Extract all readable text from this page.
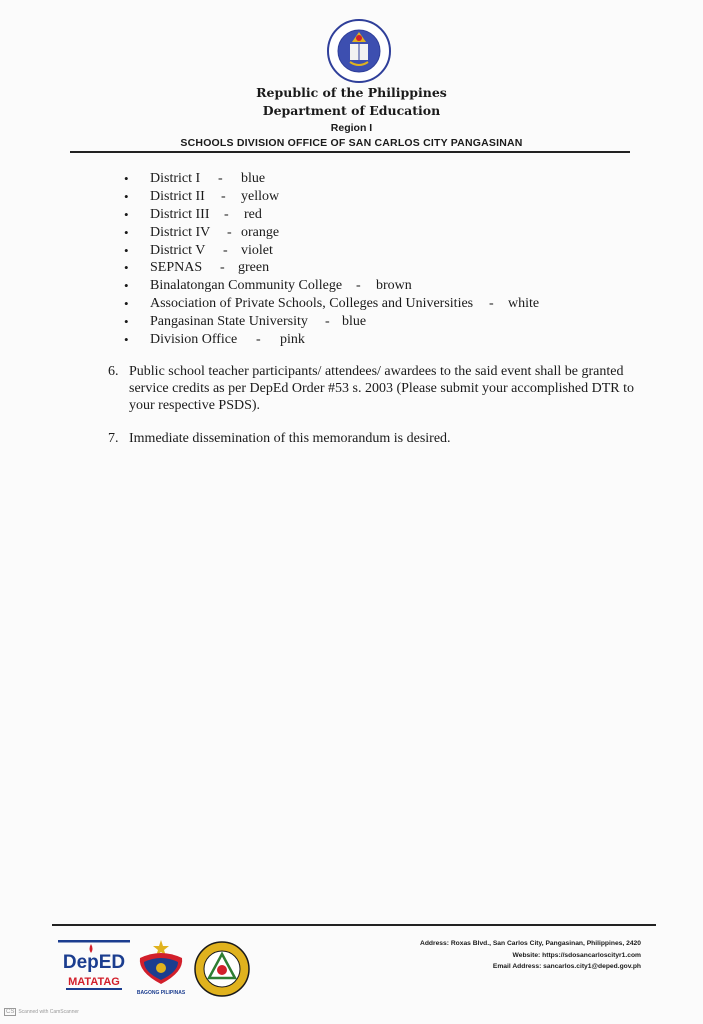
Republic of the Philippines
Department of Education
Region I
SCHOOLS DIVISION OFFICE OF SAN CARLOS CITY PANGASINAN
District I - blue
District II - yellow
District III - red
District IV - orange
District V - violet
SEPNAS - green
Binalatongan Community College - brown
Association of Private Schools, Colleges and Universities - white
Pangasinan State University - blue
Division Office - pink
6. Public school teacher participants/ attendees/ awardees to the said event shall be granted service credits as per DepEd Order #53 s. 2003 (Please submit your accomplished DTR to your respective PSDS).
7. Immediate dissemination of this memorandum is desired.
DepED
MATATAG
BAGONG PILIPINAS
Address: Roxas Blvd., San Carlos City, Pangasinan, Philippines, 2420
Website: https://sdosancarloscityr1.com
Email Address: sancarlos.city1@deped.gov.ph
CS Scanned with CamScanner
